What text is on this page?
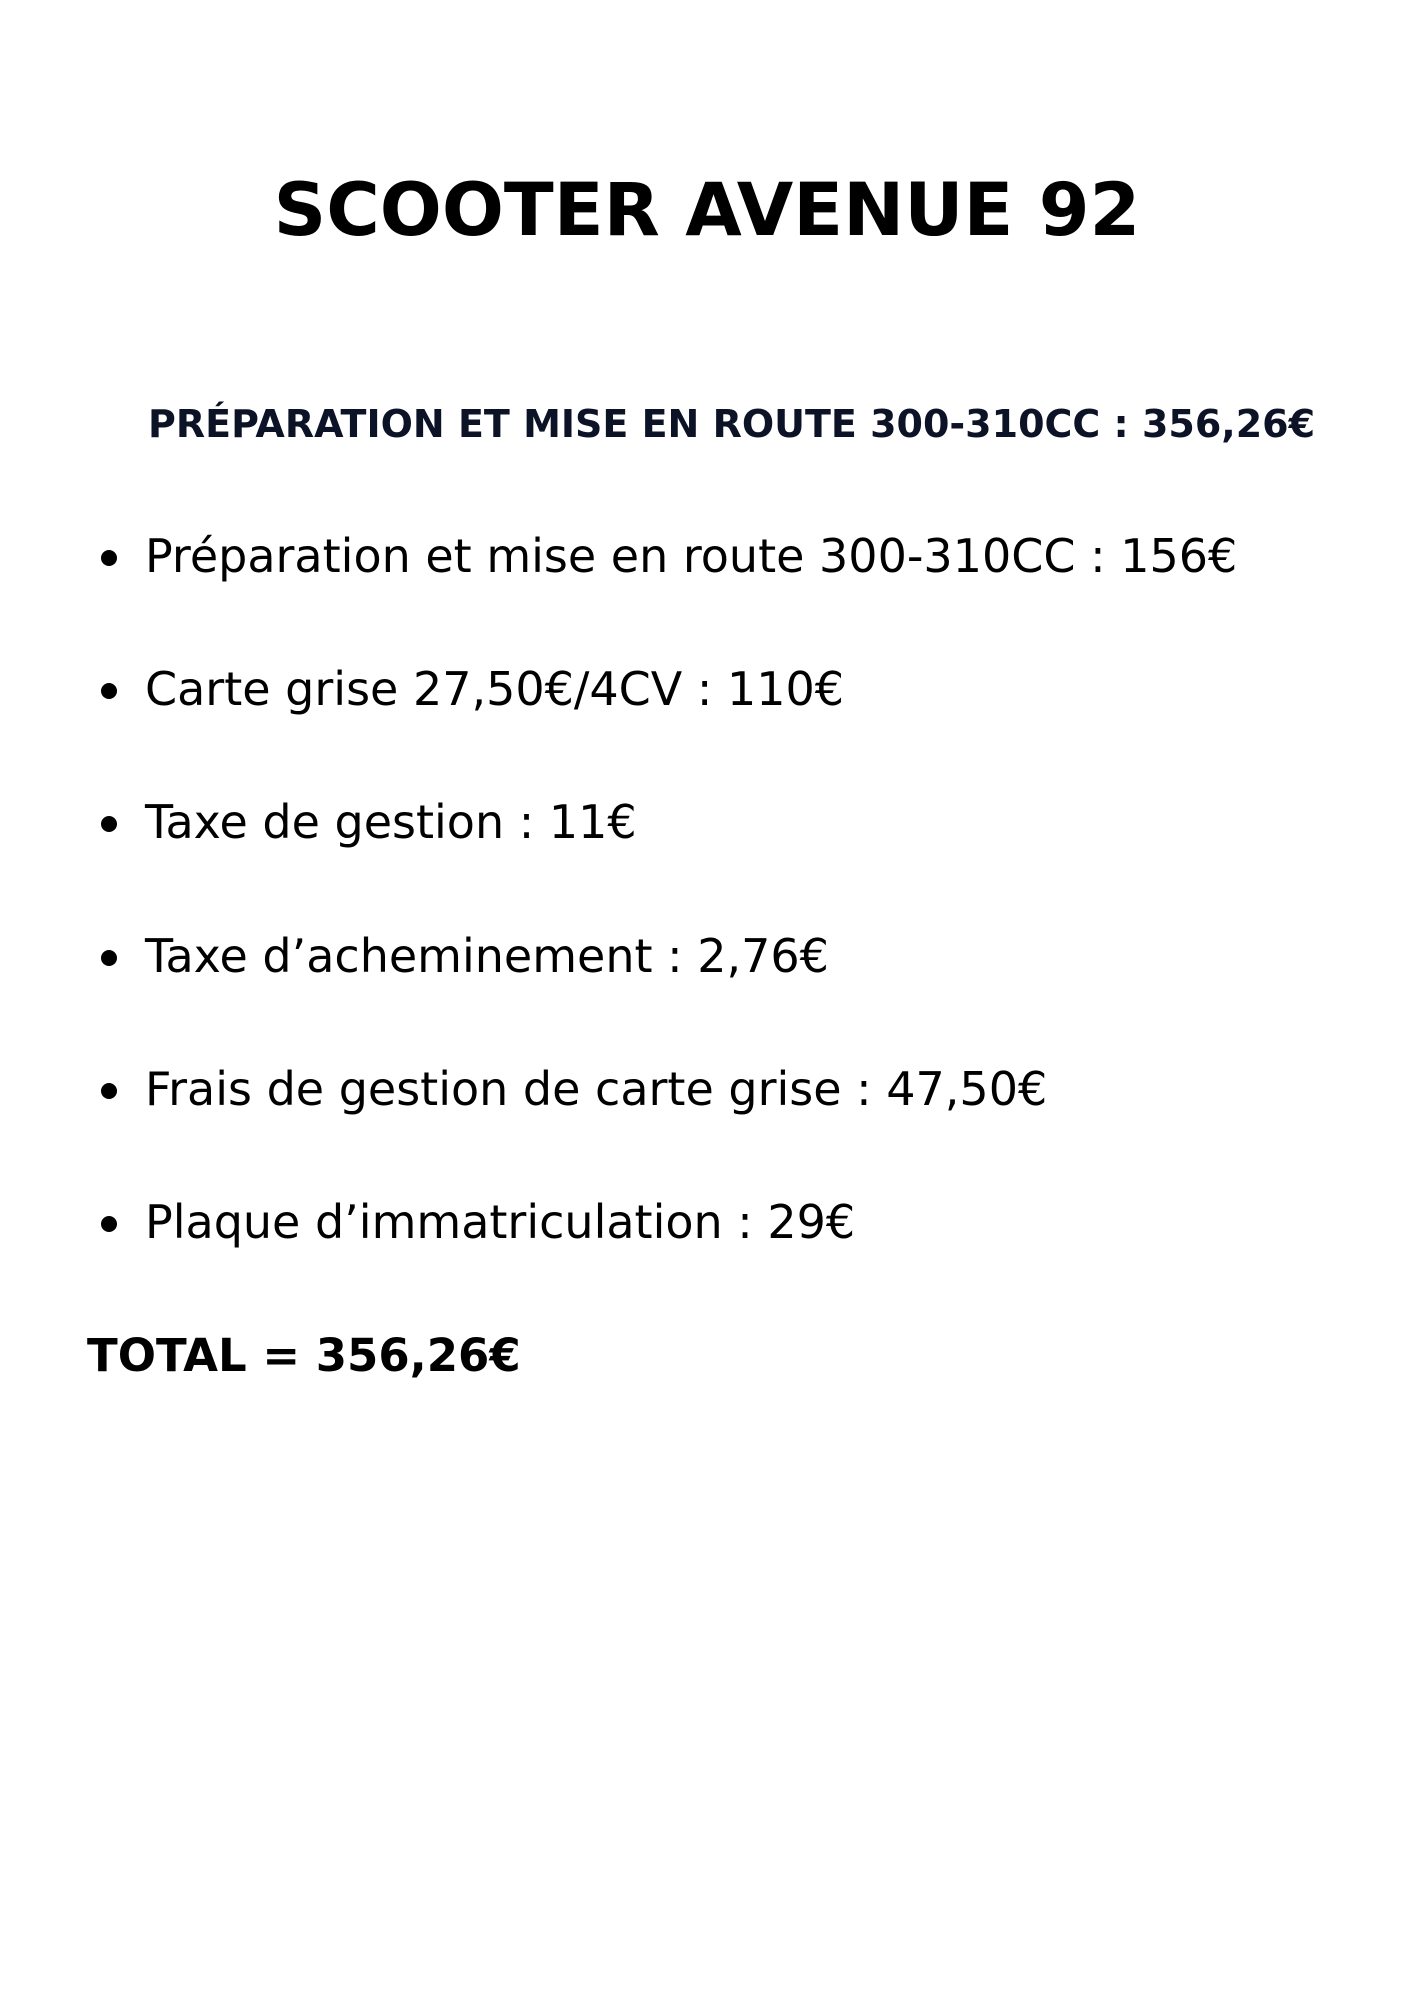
SCOOTER AVENUE 92
PRÉPARATION ET MISE EN ROUTE 300-310CC : 356,26€
Préparation et mise en route 300-310CC : 156€
Carte grise 27,50€/4CV : 110€
Taxe de gestion : 11€
Taxe d’acheminement : 2,76€
Frais de gestion de carte grise : 47,50€
Plaque d’immatriculation : 29€
TOTAL = 356,26€
